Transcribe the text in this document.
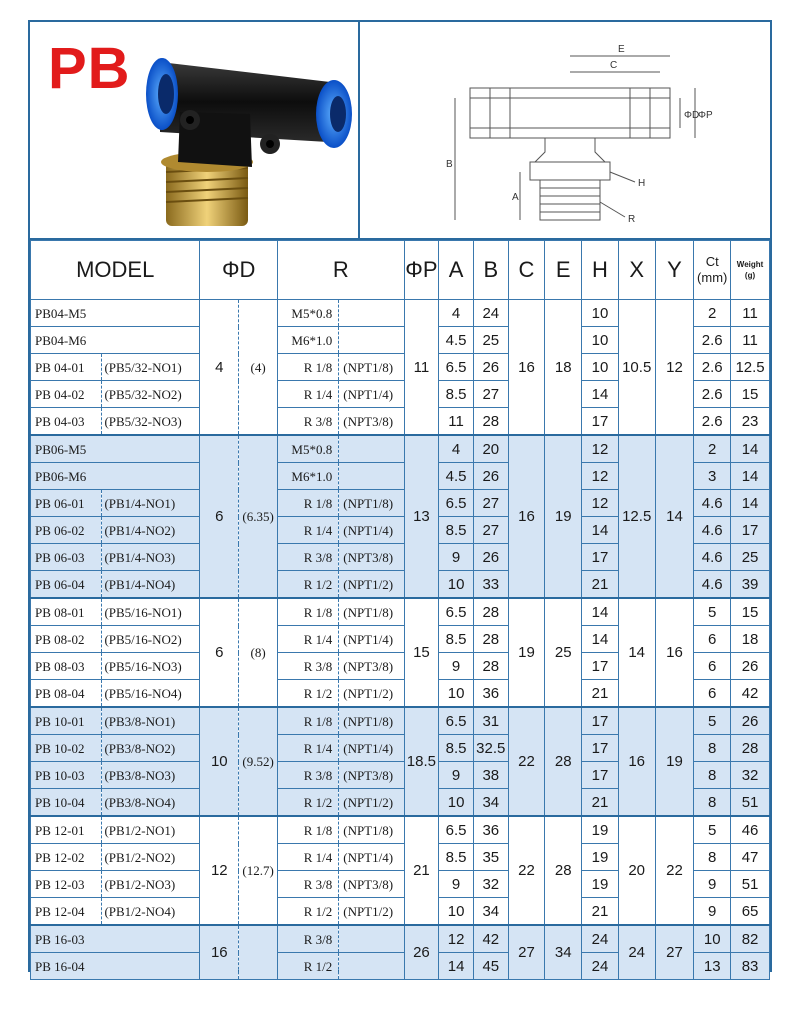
PB	E
C
ΦD
ΦP
B
A
H
R
MODEL		ΦD		R		ΦP	A	B	C	E	H	X	Y	Ct
(mm)	Weight
(g)
PB04-M5		4	(4)	M5*0.8		11	4	24	16	18	10	10.5	12	2	11
PB04-M6				M6*1.0			4.5	25			10			2.6	11
PB 04-01	(PB5/32-NO1)			R 1/8	(NPT1/8)		6.5	26			10			2.6	12.5
PB 04-02	(PB5/32-NO2)			R 1/4	(NPT1/4)		8.5	27			14			2.6	15
PB 04-03	(PB5/32-NO3)			R 3/8	(NPT3/8)		11	28			17			2.6	23
PB06-M5		6	(6.35)	M5*0.8		13	4	20	16	19	12	12.5	14	2	14
PB06-M6				M6*1.0			4.5	26			12			3	14
PB 06-01	(PB1/4-NO1)			R 1/8	(NPT1/8)		6.5	27			12			4.6	14
PB 06-02	(PB1/4-NO2)			R 1/4	(NPT1/4)		8.5	27			14			4.6	17
PB 06-03	(PB1/4-NO3)			R 3/8	(NPT3/8)		9	26			17			4.6	25
PB 06-04	(PB1/4-NO4)			R 1/2	(NPT1/2)		10	33			21			4.6	39
PB 08-01	(PB5/16-NO1)	6	(8)	R 1/8	(NPT1/8)	15	6.5	28	19	25	14	14	16	5	15
PB 08-02	(PB5/16-NO2)			R 1/4	(NPT1/4)		8.5	28			14			6	18
PB 08-03	(PB5/16-NO3)			R 3/8	(NPT3/8)		9	28			17			6	26
PB 08-04	(PB5/16-NO4)			R 1/2	(NPT1/2)		10	36			21			6	42
PB 10-01	(PB3/8-NO1)	10	(9.52)	R 1/8	(NPT1/8)	18.5	6.5	31	22	28	17	16	19	5	26
PB 10-02	(PB3/8-NO2)			R 1/4	(NPT1/4)		8.5	32.5			17			8	28
PB 10-03	(PB3/8-NO3)			R 3/8	(NPT3/8)		9	38			17			8	32
PB 10-04	(PB3/8-NO4)			R 1/2	(NPT1/2)		10	34			21			8	51
PB 12-01	(PB1/2-NO1)	12	(12.7)	R 1/8	(NPT1/8)	21	6.5	36	22	28	19	20	22	5	46
PB 12-02	(PB1/2-NO2)			R 1/4	(NPT1/4)		8.5	35			19			8	47
PB 12-03	(PB1/2-NO3)			R 3/8	(NPT3/8)		9	32			19			9	51
PB 12-04	(PB1/2-NO4)			R 1/2	(NPT1/2)		10	34			21			9	65
PB 16-03		16		R 3/8		26	12	42	27	34	24	24	27	10	82
PB 16-04				R 1/2			14	45			24			13	83
